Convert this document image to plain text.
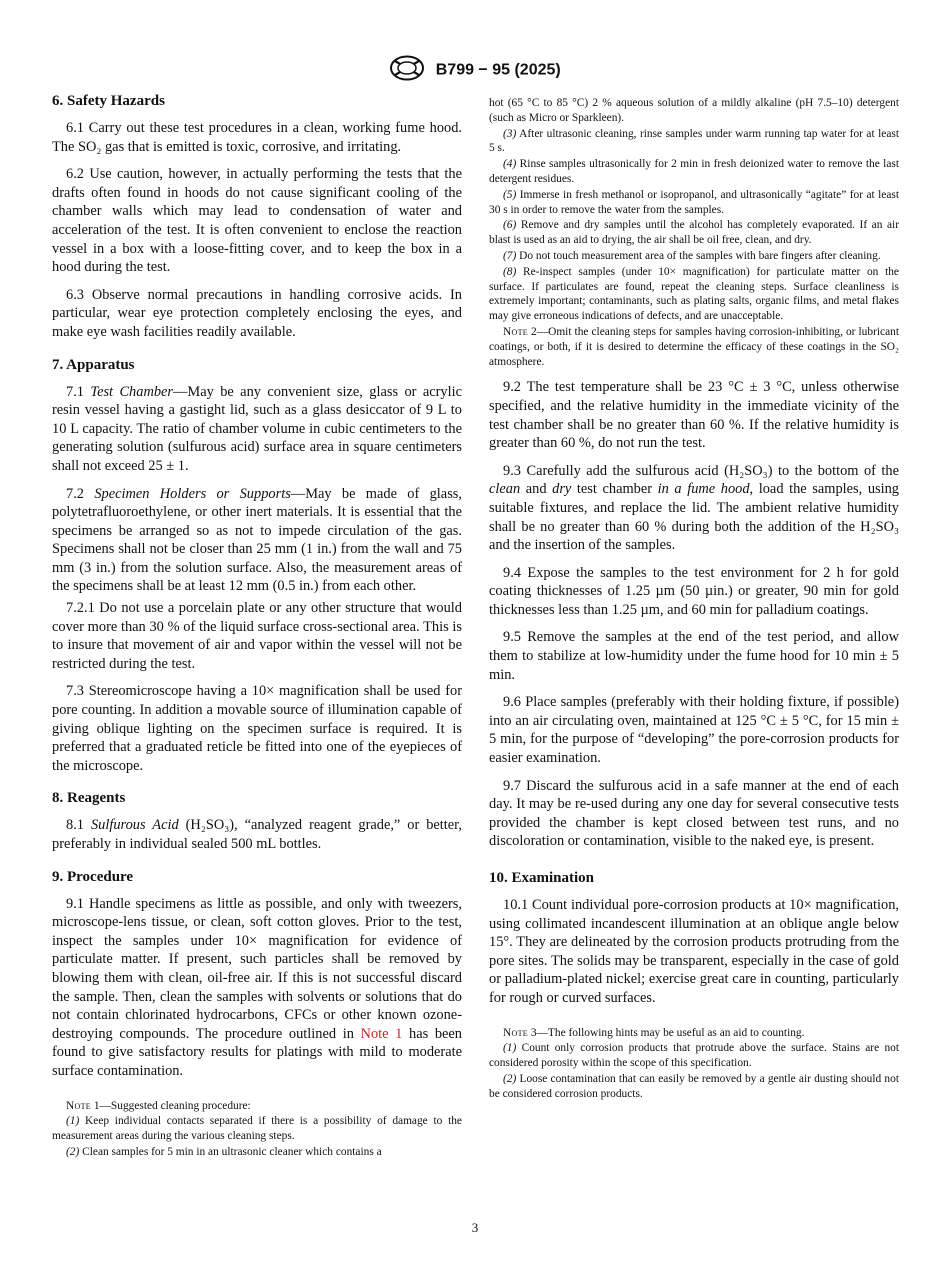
B799 − 95 (2025)
6. Safety Hazards

6.1 Carry out these test procedures in a clean, working fume hood. The SO₂ gas that is emitted is toxic, corrosive, and irritating.

6.2 Use caution, however, in actually performing the tests that the drafts often found in hoods do not cause significant cooling of the chamber walls which may lead to condensation of water and acceleration of the test. It is often convenient to enclose the reaction vessel in a box with a loose-fitting cover, and to keep the box in a hood during the test.

6.3 Observe normal precautions in handling corrosive acids. In particular, wear eye protection completely enclosing the eyes, and make eye wash facilities readily available.

7. Apparatus

7.1 Test Chamber—May be any convenient size, glass or acrylic resin vessel having a gastight lid, such as a glass desiccator of 9 L to 10 L capacity. The ratio of chamber volume in cubic centimeters to the generating solution (sulfurous acid) surface area in square centimeters shall not exceed 25 ± 1.

7.2 Specimen Holders or Supports—May be made of glass, polytetrafluoroethylene, or other inert materials. It is essential that the specimens be arranged so as not to impede circulation of the gas. Specimens shall not be closer than 25 mm (1 in.) from the wall and 75 mm (3 in.) from the solution surface. Also, the measurement areas of the specimens shall be at least 12 mm (0.5 in.) from each other.

7.2.1 Do not use a porcelain plate or any other structure that would cover more than 30 % of the liquid surface cross-sectional area. This is to insure that movement of air and vapor within the vessel will not be restricted during the test.

7.3 Stereomicroscope having a 10× magnification shall be used for pore counting. In addition a movable source of illumination capable of giving oblique lighting on the specimen surface is required. It is preferred that a graduated reticle be fitted into one of the eyepieces of the microscope.

8. Reagents

8.1 Sulfurous Acid (H₂SO₃), “analyzed reagent grade,” or better, preferably in individual sealed 500 mL bottles.

9. Procedure

9.1 Handle specimens as little as possible, and only with tweezers, microscope-lens tissue, or clean, soft cotton gloves. Prior to the test, inspect the samples under 10× magnification for evidence of particulate matter. If present, such particles shall be removed by blowing them with clean, oil-free air. If this is not successful discard the sample. Then, clean the samples with solvents or solutions that do not contain chlorinated hydrocarbons, CFCs or other known ozone-destroying compounds. The procedure outlined in Note 1 has been found to give satisfactory results for platings with mild to moderate surface contamination.

Note 1—Suggested cleaning procedure:

(1) Keep individual contacts separated if there is a possibility of damage to the measurement areas during the various cleaning steps.

(2) Clean samples for 5 min in an ultrasonic cleaner which contains a

hot (65 °C to 85 °C) 2 % aqueous solution of a mildly alkaline (pH 7.5–10) detergent (such as Micro or Sparkleen).

(3) After ultrasonic cleaning, rinse samples under warm running tap water for at least 5 s.

(4) Rinse samples ultrasonically for 2 min in fresh deionized water to remove the last detergent residues.

(5) Immerse in fresh methanol or isopropanol, and ultrasonically “agitate” for at least 30 s in order to remove the water from the samples.

(6) Remove and dry samples until the alcohol has completely evaporated. If an air blast is used as an aid to drying, the air shall be oil free, clean, and dry.

(7) Do not touch measurement area of the samples with bare fingers after cleaning.

(8) Re-inspect samples (under 10× magnification) for particulate matter on the surface. If particulates are found, repeat the cleaning steps. Surface cleanliness is extremely important; contaminants, such as plating salts, organic films, and metal flakes may give erroneous indications of defects, and are unacceptable.

Note 2—Omit the cleaning steps for samples having corrosion-inhibiting, or lubricant coatings, or both, if it is desired to determine the efficacy of these coatings in the SO₂ atmosphere.

9.2 The test temperature shall be 23 °C ± 3 °C, unless otherwise specified, and the relative humidity in the immediate vicinity of the test chamber shall be no greater than 60 %. If the relative humidity is greater than 60 %, do not run the test.

9.3 Carefully add the sulfurous acid (H₂SO₃) to the bottom of the clean and dry test chamber in a fume hood, load the samples, using suitable fixtures, and replace the lid. The ambient relative humidity shall be no greater than 60 % during both the addition of the H₂SO₃ and the insertion of the samples.

9.4 Expose the samples to the test environment for 2 h for gold coating thicknesses of 1.25 µm (50 µin.) or greater, 90 min for gold thicknesses less than 1.25 µm, and 60 min for palladium coatings.

9.5 Remove the samples at the end of the test period, and allow them to stabilize at low-humidity under the fume hood for 10 min ± 5 min.

9.6 Place samples (preferably with their holding fixture, if possible) into an air circulating oven, maintained at 125 °C ± 5 °C, for 15 min ± 5 min, for the purpose of “developing” the pore-corrosion products for easier examination.

9.7 Discard the sulfurous acid in a safe manner at the end of each day. It may be re-used during any one day for several consecutive tests provided the chamber is kept closed between test runs, and no discoloration or contamination, visible to the naked eye, is present.

10. Examination

10.1 Count individual pore-corrosion products at 10× magnification, using collimated incandescent illumination at an oblique angle below 15°. They are delineated by the corrosion products protruding from the pore sites. The solids may be transparent, especially in the case of gold or palladium-plated nickel; exercise great care in counting, particularly for rough or curved surfaces.

Note 3—The following hints may be useful as an aid to counting.

(1) Count only corrosion products that protrude above the surface. Stains are not considered porosity within the scope of this specification.

(2) Loose contamination that can easily be removed by a gentle air dusting should not be considered corrosion products.

3
